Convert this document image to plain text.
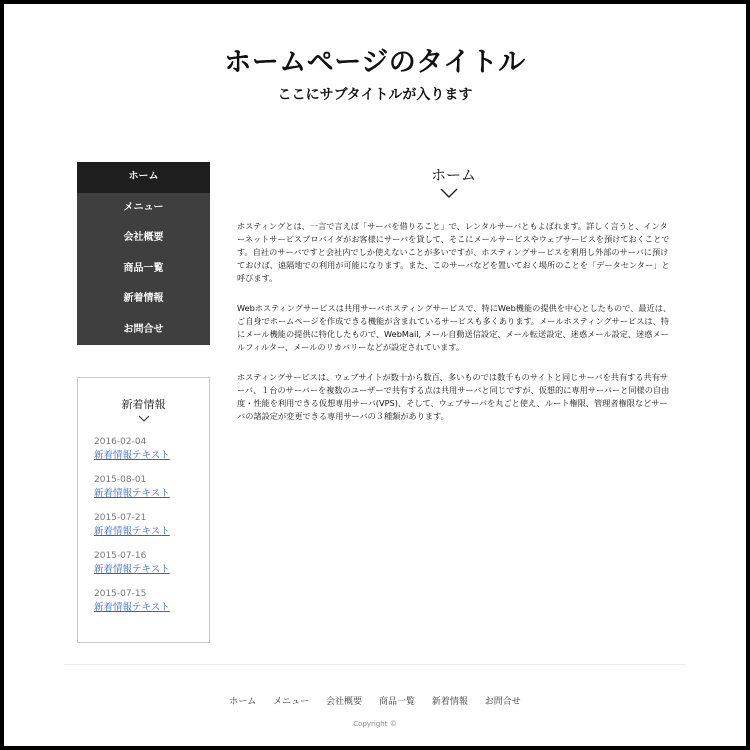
ホームページのタイトル
ここにサブタイトルが入ります
ホーム
メニュー
会社概要
商品一覧
新着情報
お問合せ
新着情報
2016-02-04
新着情報テキスト
2015-08-01
新着情報テキスト
2015-07-21
新着情報テキスト
2015-07-16
新着情報テキスト
2015-07-15
新着情報テキスト
ホーム

ホスティングとは、一言で言えば「サーバを借りること」で、レンタルサーバともよばれます。詳しく言うと、インターネットサービスプロバイダがお客様にサーバを貸して、そこにメールサービスやウェブサービスを預けておくことです。自社のサーバですと会社内でしか使えないことが多いですが、ホスティングサービスを利用し外部のサーバに預けておけば、遠隔地での利用が可能になります。また、このサーバなどを置いておく場所のことを「データセンター」と呼びます。

Webホスティングサービスは共用サーバホスティングサービスで、特にWeb機能の提供を中心としたもので、最近は、ご自身でホームページを作成できる機能が含まれているサービスも多くあります。メールホスティングサービスは、特にメール機能の提供に特化したもので、WebMail, メール自動送信設定、メール転送設定、迷惑メール設定、迷惑メールフィルター、メールのリカバリーなどが設定されています。

ホスティングサービスは、ウェブサイトが数十から数百、多いものでは数千ものサイトと同じサーバを共有する共有サーバ、１台のサーバーを複数のユーザーで共有する点は共用サーバと同じですが、仮想的に専用サーバーと同様の自由度・性能を利用できる仮想専用サーバ(VPS)、そして、ウェブサーバを丸ごと使え、ルート権限、管理者権限などサーバの諸設定が変更できる専用サーバの３種類があります。

ホーム メニュー 会社概要 商品一覧 新着情報 お問合せ
Copyright ©
